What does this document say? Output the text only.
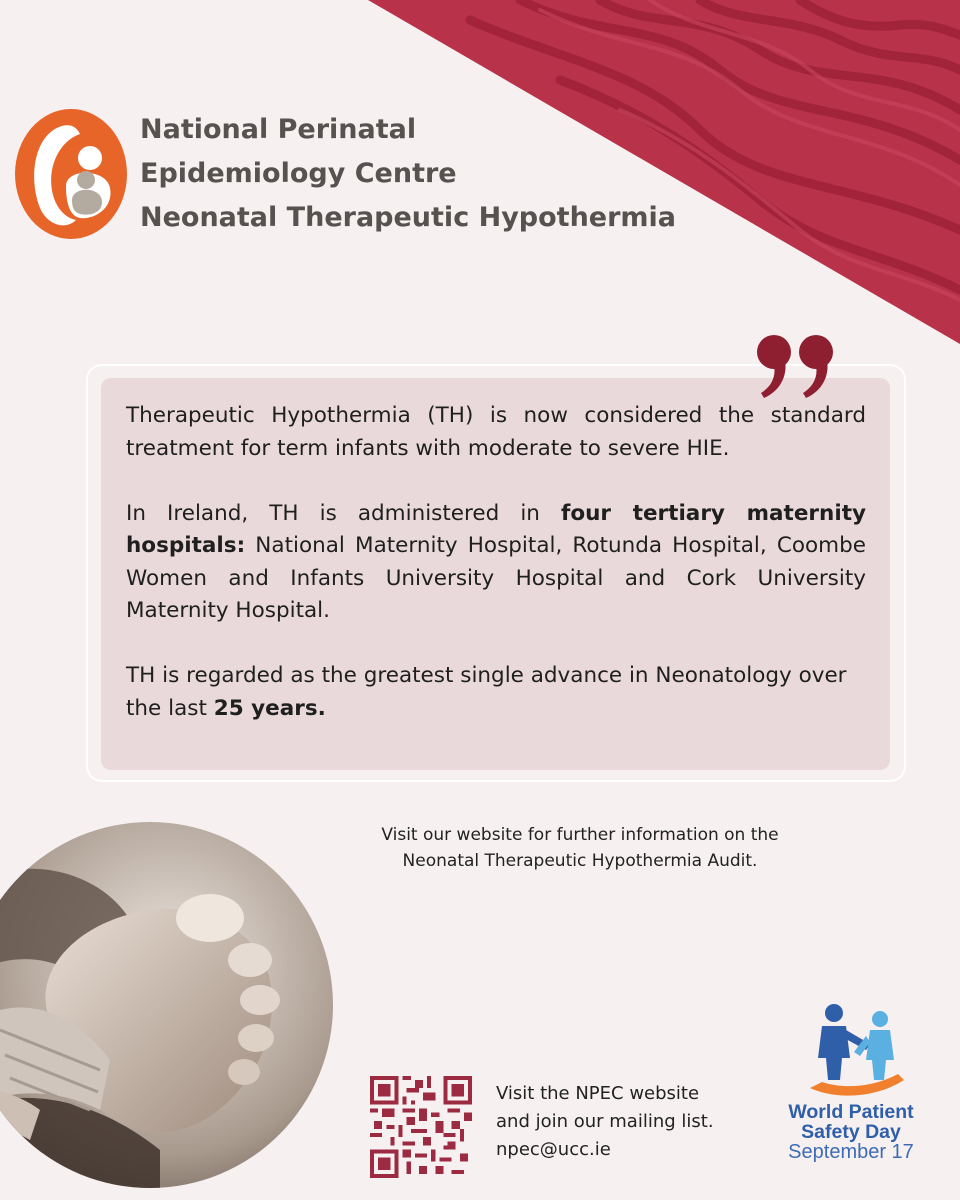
National Perinatal
Epidemiology Centre
Neonatal Therapeutic Hypothermia

Therapeutic Hypothermia (TH) is now considered the standard treatment for term infants with moderate to severe HIE.

In Ireland, TH is administered in four tertiary maternity hospitals: National Maternity Hospital, Rotunda Hospital, Coombe Women and Infants University Hospital and Cork University Maternity Hospital.

TH is regarded as the greatest single advance in Neonatology over the last 25 years.

Visit our website for further information on the
Neonatal Therapeutic Hypothermia Audit.
Visit the NPEC website
and join our mailing list.
npec@ucc.ie
World Patient
Safety Day
September 17
